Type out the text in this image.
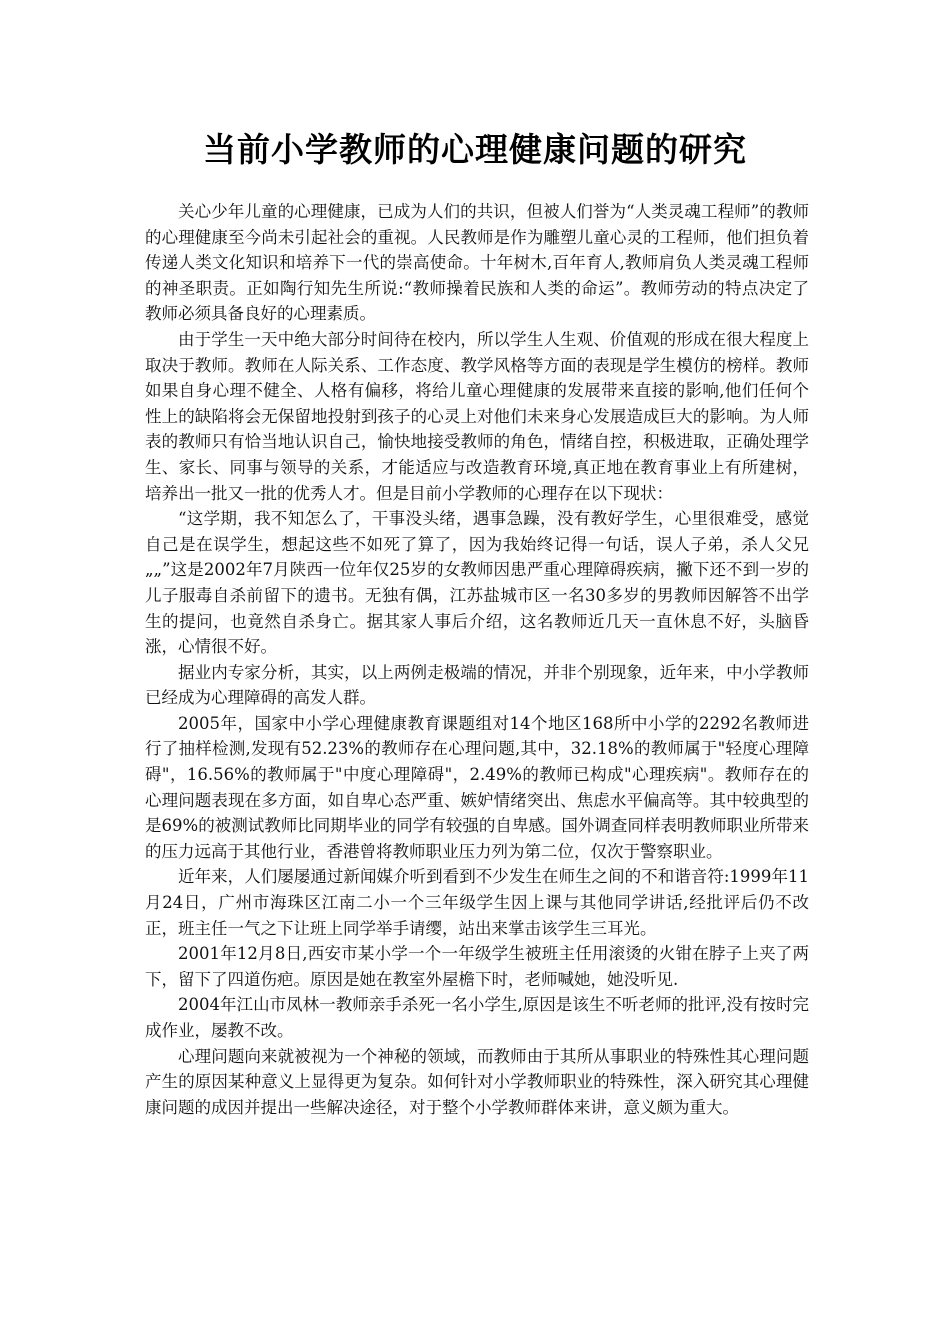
当前小学教师的心理健康问题的研究

关心少年儿童的心理健康，已成为人们的共识，但被人们誉为“人类灵魂工程师”的教师的心理健康至今尚未引起社会的重视。人民教师是作为雕塑儿童心灵的工程师，他们担负着传递人类文化知识和培养下一代的崇高使命。十年树木,百年育人,教师肩负人类灵魂工程师的神圣职责。正如陶行知先生所说:“教师操着民族和人类的命运”。教师劳动的特点决定了教师必须具备良好的心理素质。

由于学生一天中绝大部分时间待在校内，所以学生人生观、价值观的形成在很大程度上取决于教师。教师在人际关系、工作态度、教学风格等方面的表现是学生模仿的榜样。教师如果自身心理不健全、人格有偏移，将给儿童心理健康的发展带来直接的影响,他们任何个性上的缺陷将会无保留地投射到孩子的心灵上对他们未来身心发展造成巨大的影响。为人师表的教师只有恰当地认识自己，愉快地接受教师的角色，情绪自控，积极进取，正确处理学生、家长、同事与领导的关系，才能适应与改造教育环境,真正地在教育事业上有所建树，培养出一批又一批的优秀人才。但是目前小学教师的心理存在以下现状：

“这学期，我不知怎么了，干事没头绪，遇事急躁，没有教好学生，心里很难受，感觉自己是在误学生，想起这些不如死了算了，因为我始终记得一句话，误人子弟，杀人父兄„„”这是2002年7月陕西一位年仅25岁的女教师因患严重心理障碍疾病，撇下还不到一岁的儿子服毒自杀前留下的遗书。无独有偶，江苏盐城市区一名30多岁的男教师因解答不出学生的提问，也竟然自杀身亡。据其家人事后介绍，这名教师近几天一直休息不好，头脑昏涨，心情很不好。

据业内专家分析，其实，以上两例走极端的情况，并非个别现象，近年来，中小学教师已经成为心理障碍的高发人群。

2005年，国家中小学心理健康教育课题组对14个地区168所中小学的2292名教师进行了抽样检测,发现有52.23%的教师存在心理问题,其中，32.18%的教师属于"轻度心理障碍"，16.56%的教师属于"中度心理障碍"，2.49%的教师已构成"心理疾病"。教师存在的心理问题表现在多方面，如自卑心态严重、嫉妒情绪突出、焦虑水平偏高等。其中较典型的是69%的被测试教师比同期毕业的同学有较强的自卑感。国外调查同样表明教师职业所带来的压力远高于其他行业，香港曾将教师职业压力列为第二位，仅次于警察职业。

近年来，人们屡屡通过新闻媒介听到看到不少发生在师生之间的不和谐音符:1999年11月24日，广州市海珠区江南二小一个三年级学生因上课与其他同学讲话,经批评后仍不改正，班主任一气之下让班上同学举手请缨，站出来掌击该学生三耳光。

2001年12月8日,西安市某小学一个一年级学生被班主任用滚烫的火钳在脖子上夹了两下，留下了四道伤疤。原因是她在教室外屋檐下时，老师喊她，她没听见.

2004年江山市凤林一教师亲手杀死一名小学生,原因是该生不听老师的批评,没有按时完成作业，屡教不改。

心理问题向来就被视为一个神秘的领域，而教师由于其所从事职业的特殊性其心理问题产生的原因某种意义上显得更为复杂。如何针对小学教师职业的特殊性，深入研究其心理健康问题的成因并提出一些解决途径，对于整个小学教师群体来讲，意义颇为重大。
